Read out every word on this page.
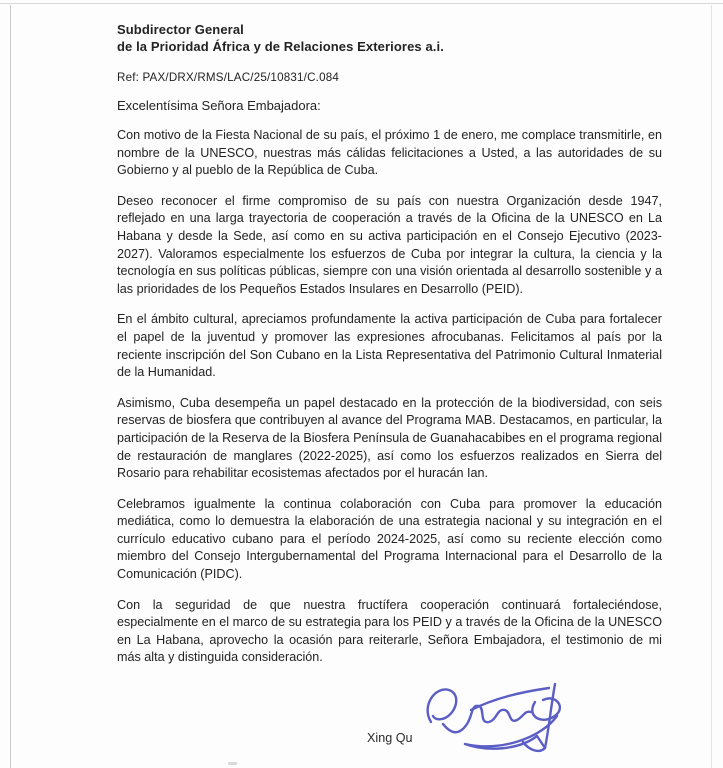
Subdirector General
de la Prioridad África y de Relaciones Exteriores a.i.
Ref: PAX/DRX/RMS/LAC/25/10831/C.084
Excelentísima Señora Embajadora:

Con motivo de la Fiesta Nacional de su país, el próximo 1 de enero, me complace transmitirle, en nombre de la UNESCO, nuestras más cálidas felicitaciones a Usted, a las autoridades de su Gobierno y al pueblo de la República de Cuba.

Deseo reconocer el firme compromiso de su país con nuestra Organización desde 1947, reflejado en una larga trayectoria de cooperación a través de la Oficina de la UNESCO en La Habana y desde la Sede, así como en su activa participación en el Consejo Ejecutivo (2023-2027). Valoramos especialmente los esfuerzos de Cuba por integrar la cultura, la ciencia y la tecnología en sus políticas públicas, siempre con una visión orientada al desarrollo sostenible y a las prioridades de los Pequeños Estados Insulares en Desarrollo (PEID).

En el ámbito cultural, apreciamos profundamente la activa participación de Cuba para fortalecer el papel de la juventud y promover las expresiones afrocubanas. Felicitamos al país por la reciente inscripción del Son Cubano en la Lista Representativa del Patrimonio Cultural Inmaterial de la Humanidad.

Asimismo, Cuba desempeña un papel destacado en la protección de la biodiversidad, con seis reservas de biosfera que contribuyen al avance del Programa MAB. Destacamos, en particular, la participación de la Reserva de la Biosfera Península de Guanahacabibes en el programa regional de restauración de manglares (2022-2025), así como los esfuerzos realizados en Sierra del Rosario para rehabilitar ecosistemas afectados por el huracán Ian.

Celebramos igualmente la continua colaboración con Cuba para promover la educación mediática, como lo demuestra la elaboración de una estrategia nacional y su integración en el currículo educativo cubano para el período 2024-2025, así como su reciente elección como miembro del Consejo Intergubernamental del Programa Internacional para el Desarrollo de la Comunicación (PIDC).

Con la seguridad de que nuestra fructífera cooperación continuará fortaleciéndose, especialmente en el marco de su estrategia para los PEID y a través de la Oficina de la UNESCO en La Habana, aprovecho la ocasión para reiterarle, Señora Embajadora, el testimonio de mi más alta y distinguida consideración.

Xing Qu
